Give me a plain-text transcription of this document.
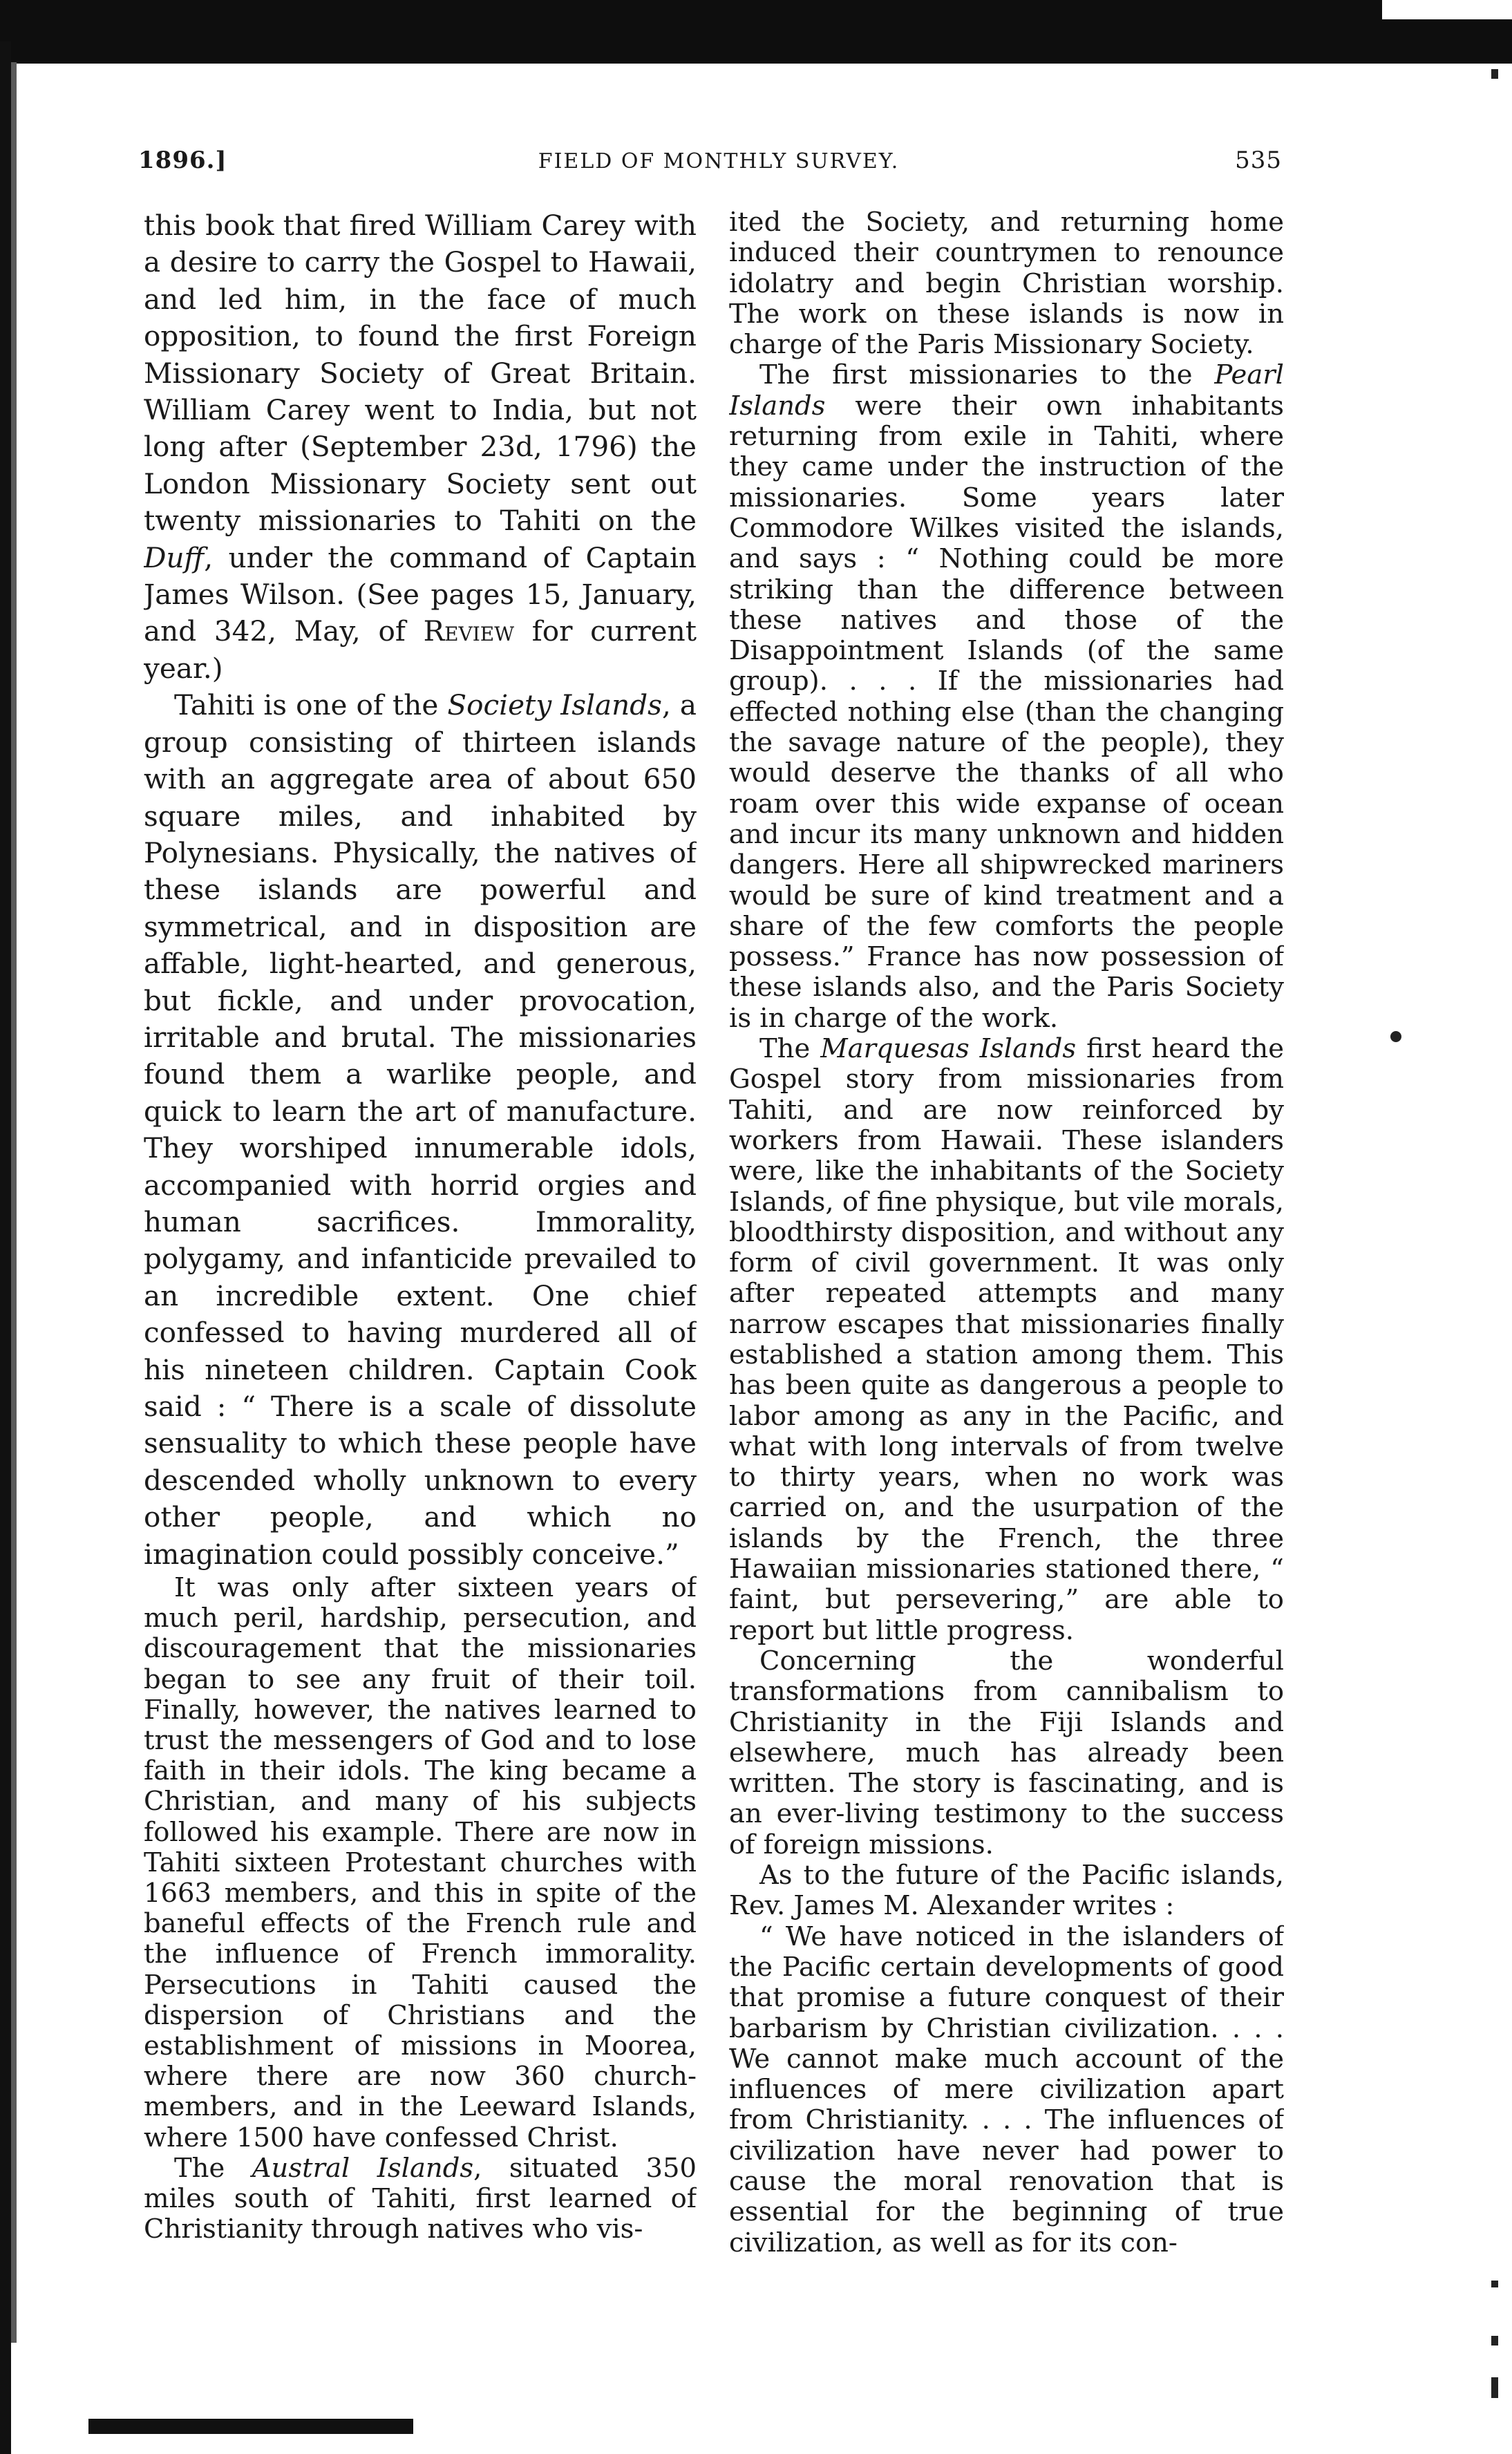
1896.]	FIELD OF MONTHLY SURVEY.	535

this book that fired William Carey with a desire to carry the Gospel to Hawaii, and led him, in the face of much opposition, to found the first Foreign Missionary Society of Great Britain. William Carey went to India, but not long after (September 23d, 1796) the London Missionary Society sent out twenty missionaries to Tahiti on the Duff, under the command of Captain James Wilson. (See pages 15, January, and 342, May, of Review for current year.)

Tahiti is one of the Society Islands, a group consisting of thirteen islands with an aggregate area of about 650 square miles, and inhabited by Polynesians. Physically, the natives of these islands are powerful and symmetrical, and in disposition are affable, light-hearted, and generous, but fickle, and under provocation, irritable and brutal. The missionaries found them a warlike people, and quick to learn the art of manufacture. They worshiped innumerable idols, accompanied with horrid orgies and human sacrifices. Immorality, polygamy, and infanticide prevailed to an incredible extent. One chief confessed to having murdered all of his nineteen children. Captain Cook said : “ There is a scale of dissolute sensuality to which these people have descended wholly unknown to every other people, and which no imagination could possibly conceive.”

It was only after sixteen years of much peril, hardship, persecution, and discouragement that the missionaries began to see any fruit of their toil. Finally, however, the natives learned to trust the messengers of God and to lose faith in their idols. The king became a Christian, and many of his subjects followed his example. There are now in Tahiti sixteen Protestant churches with 1663 members, and this in spite of the baneful effects of the French rule and the influence of French immorality. Persecutions in Tahiti caused the dispersion of Christians and the establishment of missions in Moorea, where there are now 360 church-members, and in the Leeward Islands, where 1500 have confessed Christ.

The Austral Islands, situated 350 miles south of Tahiti, first learned of Christianity through natives who vis-

ited the Society, and returning home induced their countrymen to renounce idolatry and begin Christian worship. The work on these islands is now in charge of the Paris Missionary Society.

The first missionaries to the Pearl Islands were their own inhabitants returning from exile in Tahiti, where they came under the instruction of the missionaries. Some years later Commodore Wilkes visited the islands, and says : “ Nothing could be more striking than the difference between these natives and those of the Disappointment Islands (of the same group). . . . If the missionaries had effected nothing else (than the changing the savage nature of the people), they would deserve the thanks of all who roam over this wide expanse of ocean and incur its many unknown and hidden dangers. Here all shipwrecked mariners would be sure of kind treatment and a share of the few comforts the people possess.” France has now possession of these islands also, and the Paris Society is in charge of the work.

The Marquesas Islands first heard the Gospel story from missionaries from Tahiti, and are now reinforced by workers from Hawaii. These islanders were, like the inhabitants of the Society Islands, of fine physique, but vile morals, bloodthirsty disposition, and without any form of civil government. It was only after repeated attempts and many narrow escapes that missionaries finally established a station among them. This has been quite as dangerous a people to labor among as any in the Pacific, and what with long intervals of from twelve to thirty years, when no work was carried on, and the usurpation of the islands by the French, the three Hawaiian missionaries stationed there, “ faint, but persevering,” are able to report but little progress.

Concerning the wonderful transformations from cannibalism to Christianity in the Fiji Islands and elsewhere, much has already been written. The story is fascinating, and is an ever-living testimony to the success of foreign missions.

As to the future of the Pacific islands, Rev. James M. Alexander writes :

“ We have noticed in the islanders of the Pacific certain developments of good that promise a future conquest of their barbarism by Christian civilization. . . . We cannot make much account of the influences of mere civilization apart from Christianity. . . . The influences of civilization have never had power to cause the moral renovation that is essential for the beginning of true civilization, as well as for its con-
